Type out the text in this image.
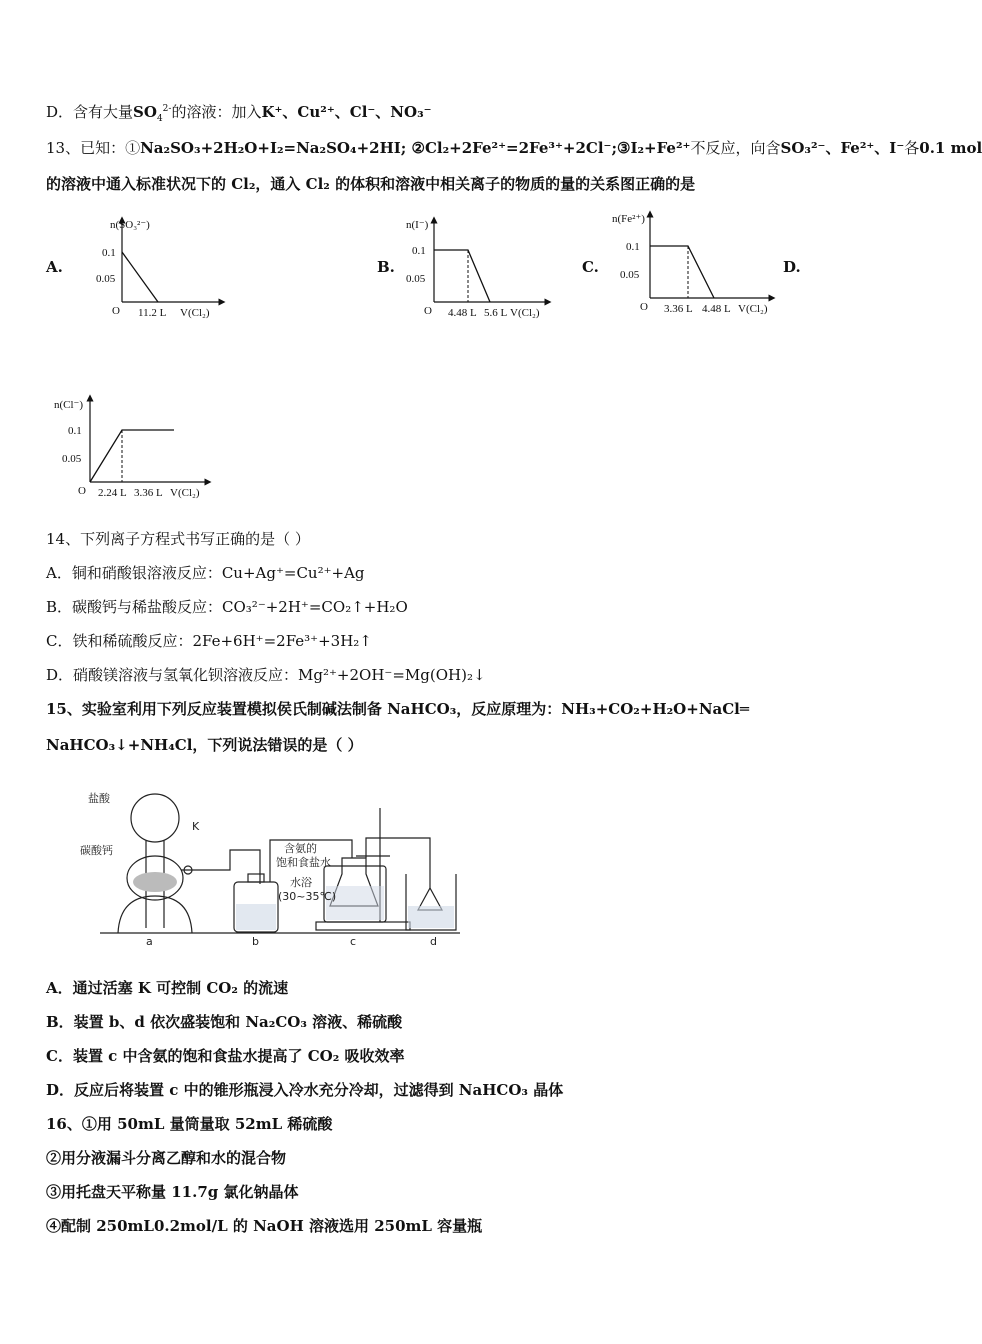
D．含有大量$SO_4^{2-}$的溶液：加入K⁺、Cu²⁺、Cl⁻、NO₃⁻
13、已知：①Na₂SO₃+2H₂O+I₂=Na₂SO₄+2HI; ②Cl₂+2Fe²⁺=2Fe³⁺+2Cl⁻;③I₂+Fe²⁺不反应，向含SO₃²⁻、Fe²⁺、I⁻各0.1 mol
的溶液中通入标准状况下的 Cl₂，通入 Cl₂ 的体积和溶液中相关离子的物质的量的关系图正确的是
A.	B.	C.	D.
n(SO₃²⁻)
0.1
0.05
O 11.2 L V(Cl₂)
n(I⁻)
0.1
0.05
O 4.48 L 5.6 L V(Cl₂)
n(Fe²⁺)
0.1
0.05
O 3.36 L 4.48 L V(Cl₂)
n(Cl⁻)
0.1
0.05
O 2.24 L 3.36 L V(Cl₂)
14、下列离子方程式书写正确的是（ ）
A．铜和硝酸银溶液反应：Cu+Ag⁺=Cu²⁺+Ag
B．碳酸钙与稀盐酸反应：CO₃²⁻+2H⁺=CO₂↑+H₂O
C．铁和稀硫酸反应：2Fe+6H⁺=2Fe³⁺+3H₂↑
D．硝酸镁溶液与氢氧化钡溶液反应：Mg²⁺+2OH⁻=Mg(OH)₂↓
15、实验室利用下列反应装置模拟侯氏制碱法制备 NaHCO₃，反应原理为：NH₃+CO₂+H₂O+NaCl═
NaHCO₃↓+NH₄Cl，下列说法错误的是（ ）
盐酸
碳酸钙
K
含氨的
饱和食盐水
水浴
(30~35℃)
a	b	c	d
A．通过活塞 K 可控制 CO₂ 的流速
B．装置 b、d 依次盛装饱和 Na₂CO₃ 溶液、稀硫酸
C．装置 c 中含氨的饱和食盐水提高了 CO₂ 吸收效率
D．反应后将装置 c 中的锥形瓶浸入冷水充分冷却，过滤得到 NaHCO₃ 晶体
16、①用 50mL 量筒量取 52mL 稀硫酸
②用分液漏斗分离乙醇和水的混合物
③用托盘天平称量 11.7g 氯化钠晶体
④配制 250mL0.2mol/L 的 NaOH 溶液选用 250mL 容量瓶
